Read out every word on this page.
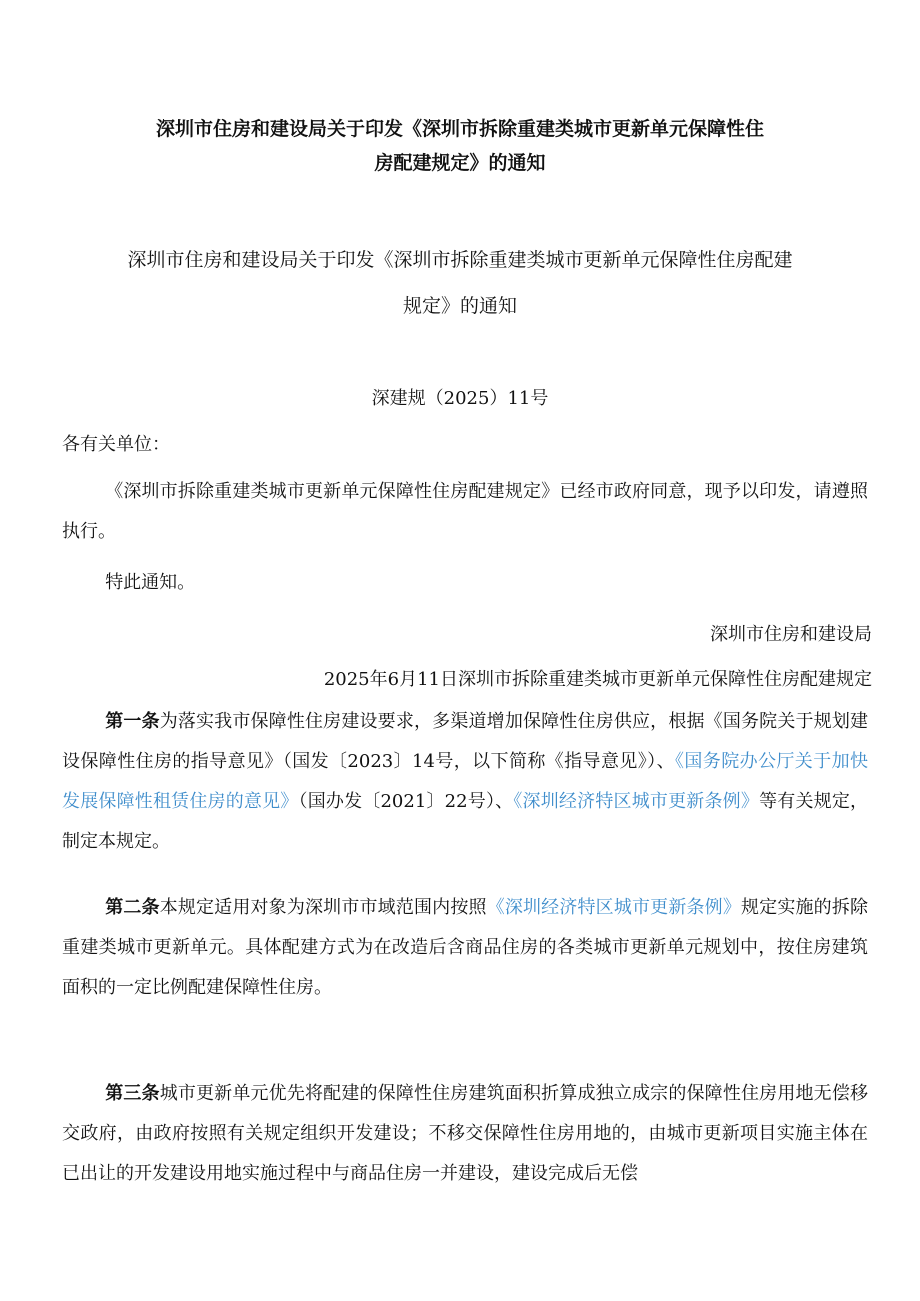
深圳市住房和建设局关于印发《深圳市拆除重建类城市更新单元保障性住
房配建规定》的通知
深圳市住房和建设局关于印发《深圳市拆除重建类城市更新单元保障性住房配建
规定》的通知
深建规（2025）11号
各有关单位：
《深圳市拆除重建类城市更新单元保障性住房配建规定》已经市政府同意，现予以印发，请遵照执行。
特此通知。
深圳市住房和建设局
2025年6月11日深圳市拆除重建类城市更新单元保障性住房配建规定
第一条为落实我市保障性住房建设要求，多渠道增加保障性住房供应，根据《国务院关于规划建设保障性住房的指导意见》（国发〔2023〕14号，以下简称《指导意见》）、《国务院办公厅关于加快发展保障性租赁住房的意见》（国办发〔2021〕22号）、《深圳经济特区城市更新条例》等有关规定，制定本规定。
第二条本规定适用对象为深圳市市域范围内按照《深圳经济特区城市更新条例》规定实施的拆除重建类城市更新单元。具体配建方式为在改造后含商品住房的各类城市更新单元规划中，按住房建筑面积的一定比例配建保障性住房。
第三条城市更新单元优先将配建的保障性住房建筑面积折算成独立成宗的保障性住房用地无偿移交政府，由政府按照有关规定组织开发建设；不移交保障性住房用地的，由城市更新项目实施主体在已出让的开发建设用地实施过程中与商品住房一并建设，建设完成后无偿
